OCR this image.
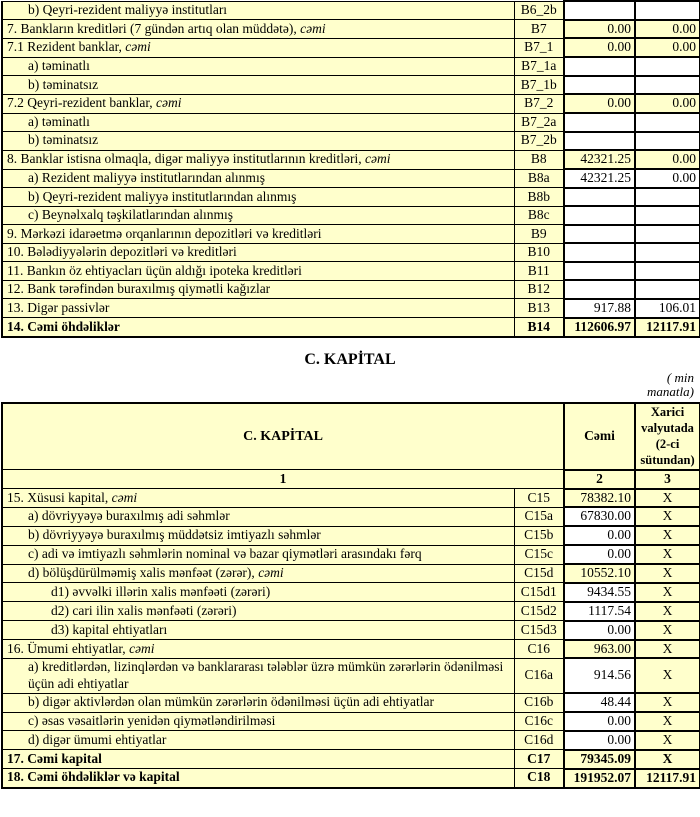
b) Qeyri-rezident maliyyə institutları	B6_2b		
7. Bankların kreditləri (7 gündən artıq olan müddətə), cəmi	B7	0.00	0.00
7.1 Rezident banklar, cəmi	B7_1	0.00	0.00
a) təminatlı	B7_1a		
b) təminatsız	B7_1b		
7.2 Qeyri-rezident banklar, cəmi	B7_2	0.00	0.00
a) təminatlı	B7_2a		
b) təminatsız	B7_2b		
8. Banklar istisna olmaqla, digər maliyyə institutlarının kreditləri, cəmi	B8	42321.25	0.00
a) Rezident maliyyə institutlarından alınmış	B8a	42321.25	0.00
b) Qeyri-rezident maliyyə institutlarından alınmış	B8b		
c) Beynəlxalq təşkilatlarından alınmış	B8c		
9. Mərkəzi idarəetmə orqanlarının depozitləri və kreditləri	B9		
10. Bələdiyyələrin depozitləri və kreditləri	B10		
11. Bankın öz ehtiyacları üçün aldığı ipoteka kreditləri	B11		
12. Bank tərəfindən buraxılmış qiymətli kağızlar	B12		
13. Digər passivlər	B13	917.88	106.01
14. Cəmi öhdəliklər	B14	112606.97	12117.91
C. KAPİTAL
( min
manatla)
C. KAPİTAL		Cəmi	Xarici valyutada (2-ci sütundan)
1		2	3
15. Xüsusi kapital, cəmi	C15	78382.10	X
a) dövriyyəyə buraxılmış adi səhmlər	C15a	67830.00	X
b) dövriyyəyə buraxılmış müddətsiz imtiyazlı səhmlər	C15b	0.00	X
c) adi və imtiyazlı səhmlərin nominal və bazar qiymətləri arasındakı fərq	C15c	0.00	X
d) bölüşdürülməmiş xalis mənfəət (zərər), cəmi	C15d	10552.10	X
d1) əvvəlki illərin xalis mənfəəti (zərəri)	C15d1	9434.55	X
d2) cari ilin xalis mənfəəti (zərəri)	C15d2	1117.54	X
d3) kapital ehtiyatları	C15d3	0.00	X
16. Ümumi ehtiyatlar, cəmi	C16	963.00	X
a) kreditlərdən, lizinqlərdən və banklararası tələblər üzrə mümkün zərərlərin ödənilməsi üçün adi ehtiyatlar	C16a	914.56	X
b) digər aktivlərdən olan mümkün zərərlərin ödənilməsi üçün adi ehtiyatlar	C16b	48.44	X
c) əsas vəsaitlərin yenidən qiymətləndirilməsi	C16c	0.00	X
d) digər ümumi ehtiyatlar	C16d	0.00	X
17. Cəmi kapital	C17	79345.09	X
18. Cəmi öhdəliklər və kapital	C18	191952.07	12117.91
